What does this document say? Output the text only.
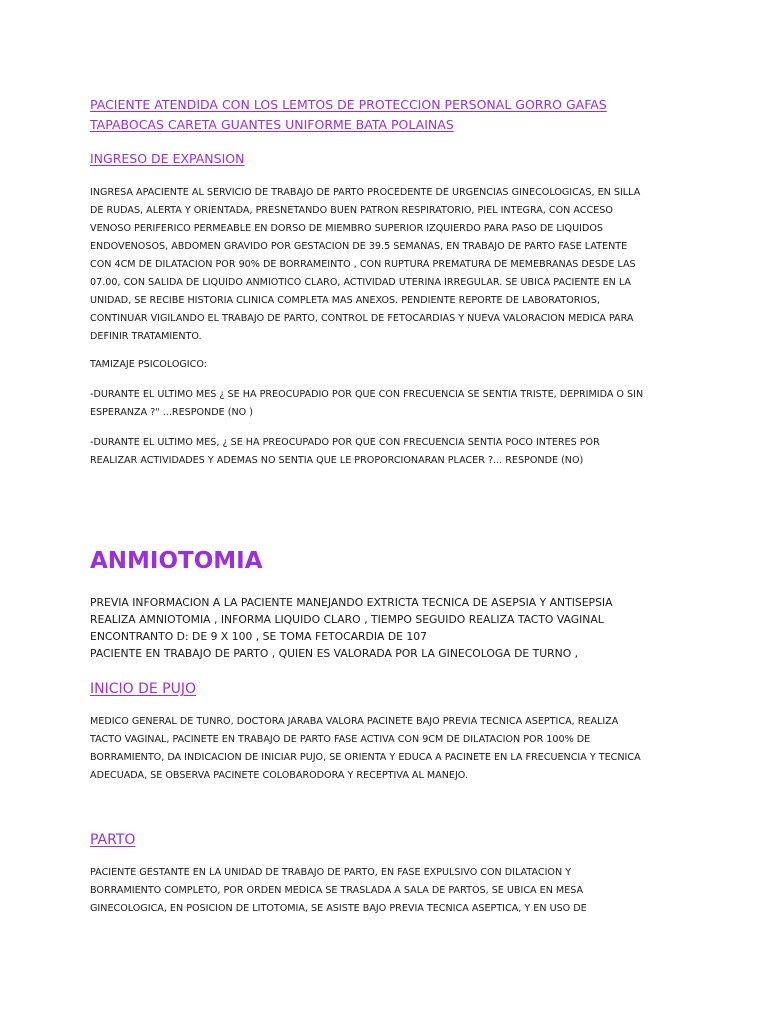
PACIENTE ATENDIDA CON LOS LEMTOS DE PROTECCION PERSONAL GORRO GAFAS
TAPABOCAS CARETA GUANTES UNIFORME BATA POLAINAS
INGRESO DE EXPANSION

INGRESA APACIENTE AL SERVICIO DE TRABAJO DE PARTO PROCEDENTE DE URGENCIAS GINECOLOGICAS, EN SILLA
DE RUDAS, ALERTA Y ORIENTADA, PRESNETANDO BUEN PATRON RESPIRATORIO, PIEL INTEGRA, CON ACCESO
VENOSO PERIFERICO PERMEABLE EN DORSO DE MIEMBRO SUPERIOR IZQUIERDO PARA PASO DE LIQUIDOS
ENDOVENOSOS, ABDOMEN GRAVIDO POR GESTACION DE 39.5 SEMANAS, EN TRABAJO DE PARTO FASE LATENTE
CON 4CM DE DILATACION POR 90% DE BORRAMEINTO , CON RUPTURA PREMATURA DE MEMEBRANAS DESDE LAS
07.00, CON SALIDA DE LIQUIDO ANMIOTICO CLARO, ACTIVIDAD UTERINA IRREGULAR. SE UBICA PACIENTE EN LA
UNIDAD, SE RECIBE HISTORIA CLINICA COMPLETA MAS ANEXOS. PENDIENTE REPORTE DE LABORATORIOS,
CONTINUAR VIGILANDO EL TRABAJO DE PARTO, CONTROL DE FETOCARDIAS Y NUEVA VALORACION MEDICA PARA
DEFINIR TRATAMIENTO.

TAMIZAJE PSICOLOGICO:

-DURANTE EL ULTIMO MES ¿ SE HA PREOCUPADIO POR QUE CON FRECUENCIA SE SENTIA TRISTE, DEPRIMIDA O SIN
ESPERANZA ?" ...RESPONDE (NO )

-DURANTE EL ULTIMO MES, ¿ SE HA PREOCUPADO POR QUE CON FRECUENCIA SENTIA POCO INTERES POR
REALIZAR ACTIVIDADES Y ADEMAS NO SENTIA QUE LE PROPORCIONARAN PLACER ?... RESPONDE (NO)

ANMIOTOMIA

PREVIA INFORMACION A LA PACIENTE MANEJANDO EXTRICTA TECNICA DE ASEPSIA Y ANTISEPSIA
REALIZA AMNIOTOMIA , INFORMA LIQUIDO CLARO , TIEMPO SEGUIDO REALIZA TACTO VAGINAL
ENCONTRANTO D: DE 9 X 100 , SE TOMA FETOCARDIA DE 107
PACIENTE EN TRABAJO DE PARTO , QUIEN ES VALORADA POR LA GINECOLOGA DE TURNO ,

INICIO DE PUJO

MEDICO GENERAL DE TUNRO, DOCTORA JARABA VALORA PACINETE BAJO PREVIA TECNICA ASEPTICA, REALIZA
TACTO VAGINAL, PACINETE EN TRABAJO DE PARTO FASE ACTIVA CON 9CM DE DILATACION POR 100% DE
BORRAMIENTO, DA INDICACION DE INICIAR PUJO, SE ORIENTA Y EDUCA A PACINETE EN LA FRECUENCIA Y TECNICA
ADECUADA, SE OBSERVA PACINETE COLOBARODORA Y RECEPTIVA AL MANEJO.

PARTO

PACIENTE GESTANTE EN LA UNIDAD DE TRABAJO DE PARTO, EN FASE EXPULSIVO CON DILATACION Y
BORRAMIENTO COMPLETO, POR ORDEN MEDICA SE TRASLADA A SALA DE PARTOS, SE UBICA EN MESA
GINECOLOGICA, EN POSICION DE LITOTOMIA, SE ASISTE BAJO PREVIA TECNICA ASEPTICA, Y EN USO DE
